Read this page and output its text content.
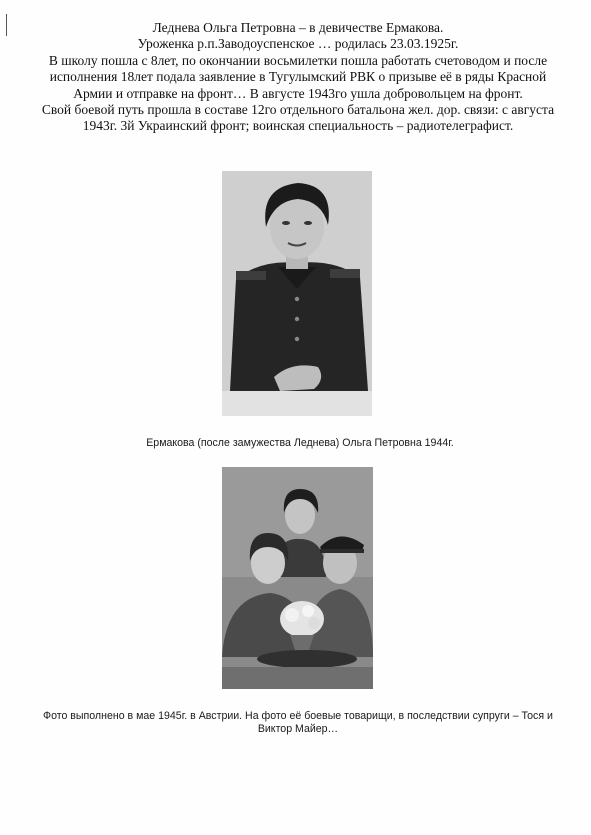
Леднева Ольга Петровна – в девичестве Ермакова.

Уроженка р.п.Заводоуспенское … родилась 23.03.1925г.

В школу пошла с 8лет, по окончании восьмилетки пошла работать счетоводом и после исполнения 18лет подала заявление в Тугулымский РВК о призыве её в ряды Красной Армии и отправке на фронт… В августе 1943го ушла добровольцем на фронт.

Свой боевой путь прошла в составе 12го отдельного батальона жел. дор. связи: с августа 1943г. 3й Украинский фронт; воинская специальность – радиотелеграфист.

Ермакова (после замужества Леднева) Ольга Петровна 1944г.
Фото выполнено в мае 1945г. в Австрии. На фото её боевые товарищи, в последствии супруги – Тося и Виктор Майер…
